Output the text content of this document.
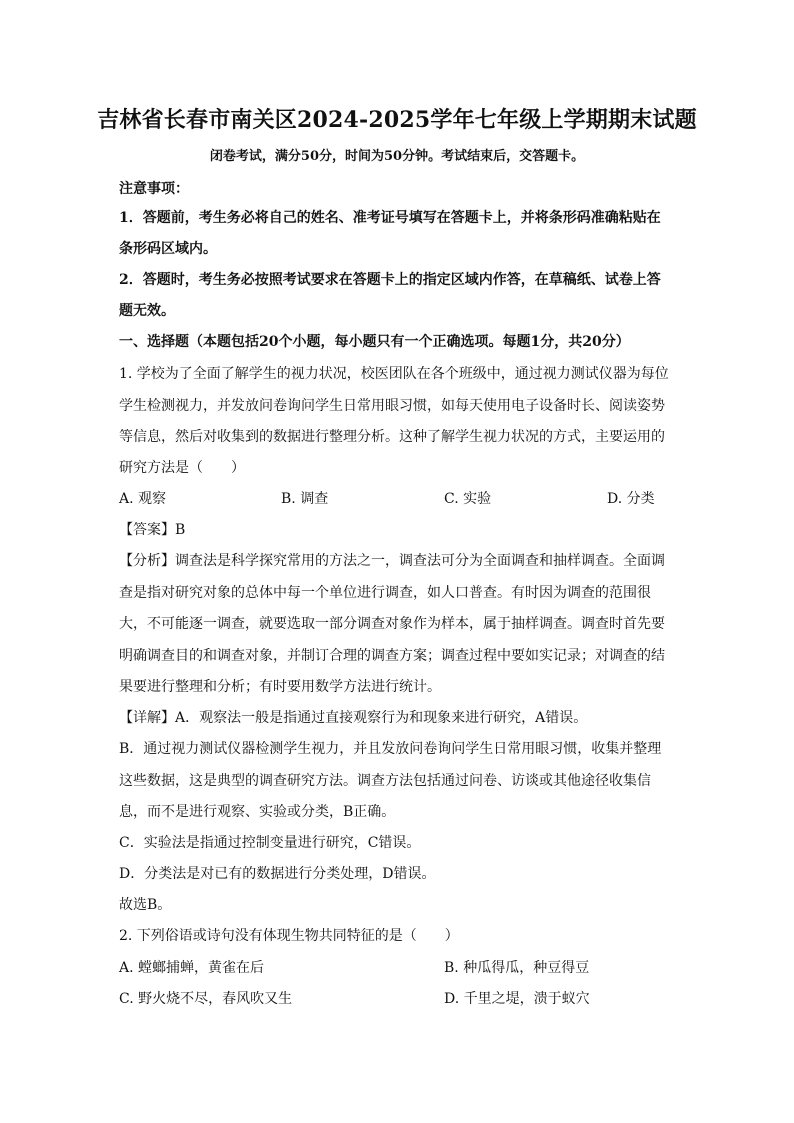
吉林省长春市南关区2024-2025学年七年级上学期期末试题
闭卷考试，满分50分，时间为50分钟。考试结束后，交答题卡。
注意事项：
1．答题前，考生务必将自己的姓名、准考证号填写在答题卡上，并将条形码准确粘贴在
条形码区域内。
2．答题时，考生务必按照考试要求在答题卡上的指定区域内作答，在草稿纸、试卷上答
题无效。
一、选择题（本题包括20个小题，每小题只有一个正确选项。每题1分，共20分）
1. 学校为了全面了解学生的视力状况，校医团队在各个班级中，通过视力测试仪器为每位
学生检测视力，并发放问卷询问学生日常用眼习惯，如每天使用电子设备时长、阅读姿势
等信息，然后对收集到的数据进行整理分析。这种了解学生视力状况的方式，主要运用的
研究方法是（　　）
A. 观察	B. 调查	C. 实验	D. 分类
【答案】B
【分析】调查法是科学探究常用的方法之一，调查法可分为全面调查和抽样调查。全面调
查是指对研究对象的总体中每一个单位进行调查，如人口普查。有时因为调查的范围很
大，不可能逐一调查，就要选取一部分调查对象作为样本，属于抽样调查。调查时首先要
明确调查目的和调查对象，并制订合理的调查方案；调查过程中要如实记录；对调查的结
果要进行整理和分析；有时要用数学方法进行统计。
【详解】A．观察法一般是指通过直接观察行为和现象来进行研究，A错误。
B．通过视力测试仪器检测学生视力，并且发放问卷询问学生日常用眼习惯，收集并整理
这些数据，这是典型的调查研究方法。调查方法包括通过问卷、访谈或其他途径收集信
息，而不是进行观察、实验或分类，B正确。
C．实验法是指通过控制变量进行研究，C错误。
D．分类法是对已有的数据进行分类处理，D错误。
故选B。
2. 下列俗语或诗句没有体现生物共同特征的是（　　）
A. 螳螂捕蝉，黄雀在后	B. 种瓜得瓜，种豆得豆
C. 野火烧不尽，春风吹又生	D. 千里之堤，溃于蚁穴
